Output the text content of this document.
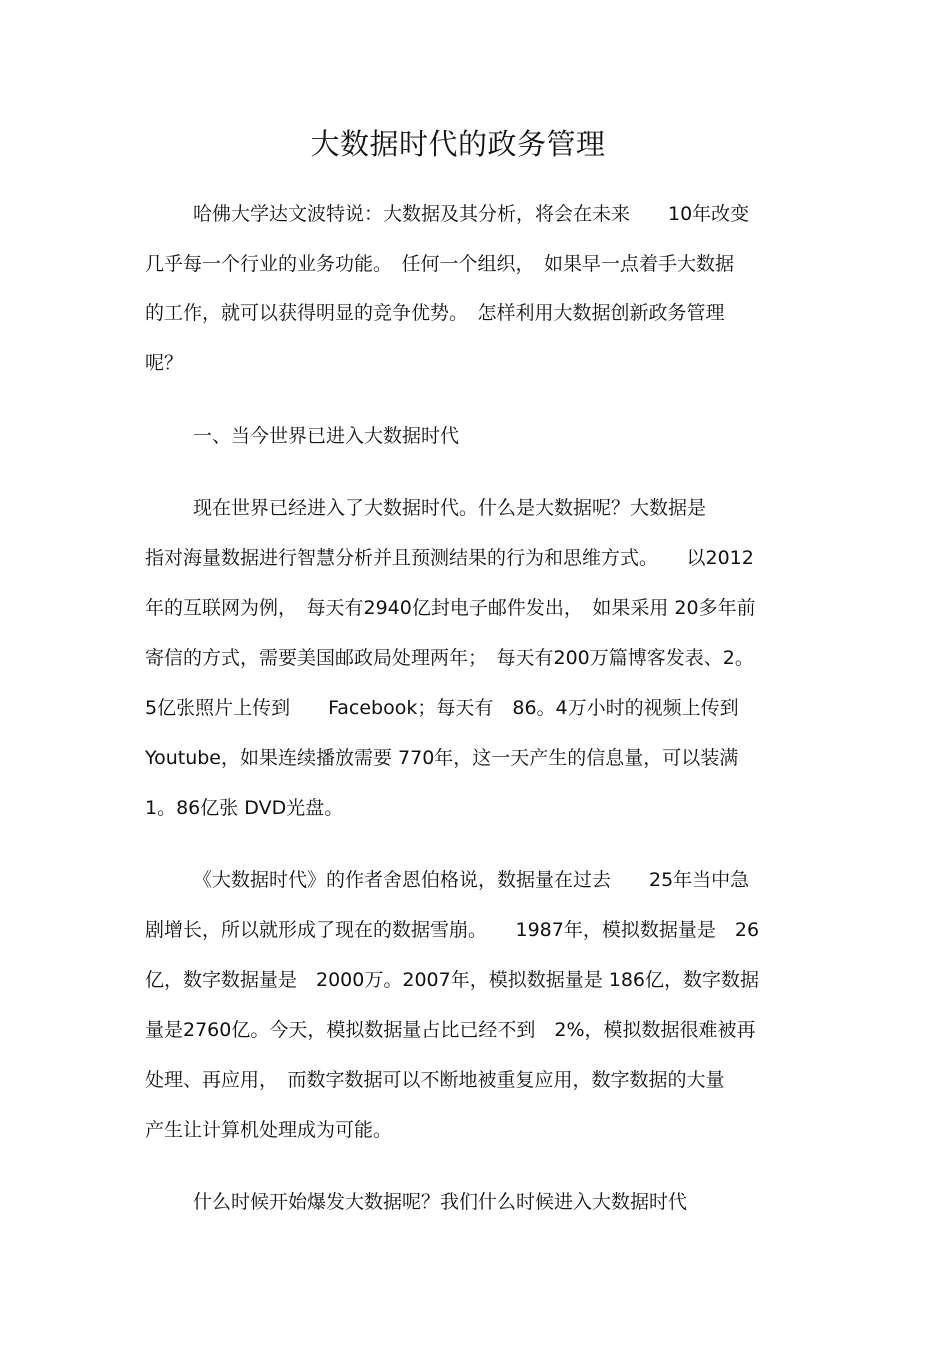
大数据时代的政务管理
哈佛大学达文波特说：大数据及其分析，将会在未来　　10年改变
几乎每一个行业的业务功能。　任何一个组织，　如果早一点着手大数据
的工作，就可以获得明显的竞争优势。　怎样利用大数据创新政务管理
呢？
一、当今世界已进入大数据时代
现在世界已经进入了大数据时代。什么是大数据呢？大数据是
指对海量数据进行智慧分析并且预测结果的行为和思维方式。　　以2012
年的互联网为例，　每天有2940亿封电子邮件发出，　如果采用 20多年前
寄信的方式，需要美国邮政局处理两年；　每天有200万篇博客发表、2。
5亿张照片上传到　　Facebook；每天有　86。4万小时的视频上传到
Youtube，如果连续播放需要 770年，这一天产生的信息量，可以装满
1。86亿张 DVD光盘。
《大数据时代》的作者舍恩伯格说，数据量在过去　　25年当中急
剧增长，所以就形成了现在的数据雪崩。　　1987年，模拟数据量是　26
亿，数字数据量是　2000万。2007年，模拟数据量是 186亿，数字数据
量是2760亿。今天，模拟数据量占比已经不到　2%，模拟数据很难被再
处理、再应用，　而数字数据可以不断地被重复应用，数字数据的大量
产生让计算机处理成为可能。
什么时候开始爆发大数据呢？我们什么时候进入大数据时代
